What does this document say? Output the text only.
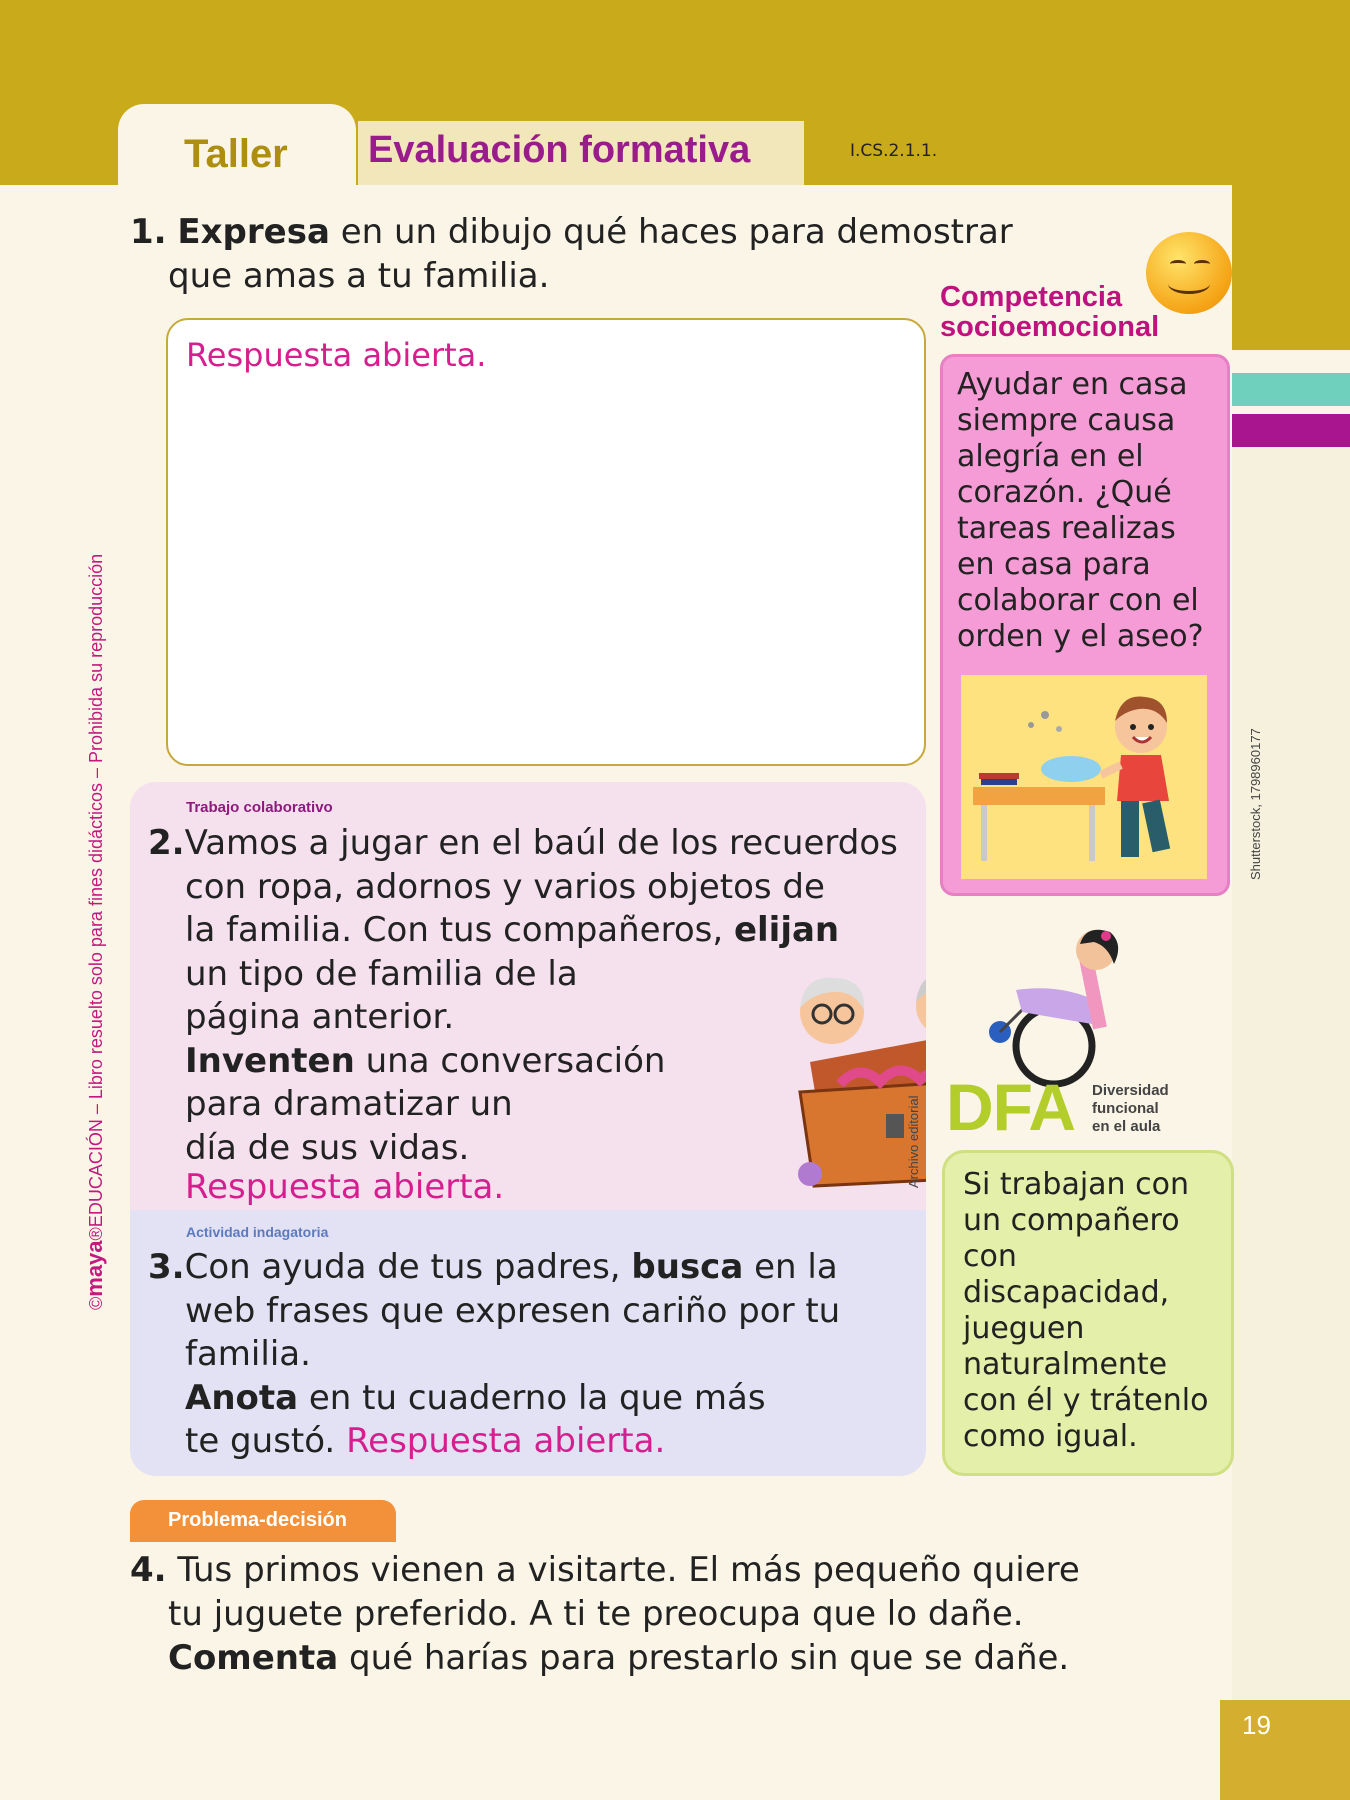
Taller Evaluación formativa	I.CS.2.1.1.
©maya®EDUCACIÓN – Libro resuelto solo para fines didácticos – Prohibida su reproducción
1. Expresa en un dibujo qué haces para demostrar
que amas a tu familia.
Respuesta abierta.
Competencia
socioemocional
Ayudar en casa
siempre causa
alegría en el
corazón. ¿Qué
tareas realizas
en casa para
colaborar con el
orden y el aseo?
Shutterstock, 1798960177
Trabajo colaborativo
2.Vamos a jugar en el baúl de los recuerdos
con ropa, adornos y varios objetos de
la familia. Con tus compañeros, elijan
un tipo de familia de la
página anterior.
Inventen una conversación
para dramatizar un
día de sus vidas.
Respuesta abierta.
Actividad indagatoria
3.Con ayuda de tus padres, busca en la
web frases que expresen cariño por tu
familia.
Anota en tu cuaderno la que más
te gustó. Respuesta abierta.
Archivo editorial DFA Diversidad
funcional
en el aula
Si trabajan con
un compañero
con
discapacidad,
jueguen
naturalmente
con él y trátenlo
como igual.
Problema-decisión
4. Tus primos vienen a visitarte. El más pequeño quiere
tu juguete preferido. A ti te preocupa que lo dañe.
Comenta qué harías para prestarlo sin que se dañe.
19
